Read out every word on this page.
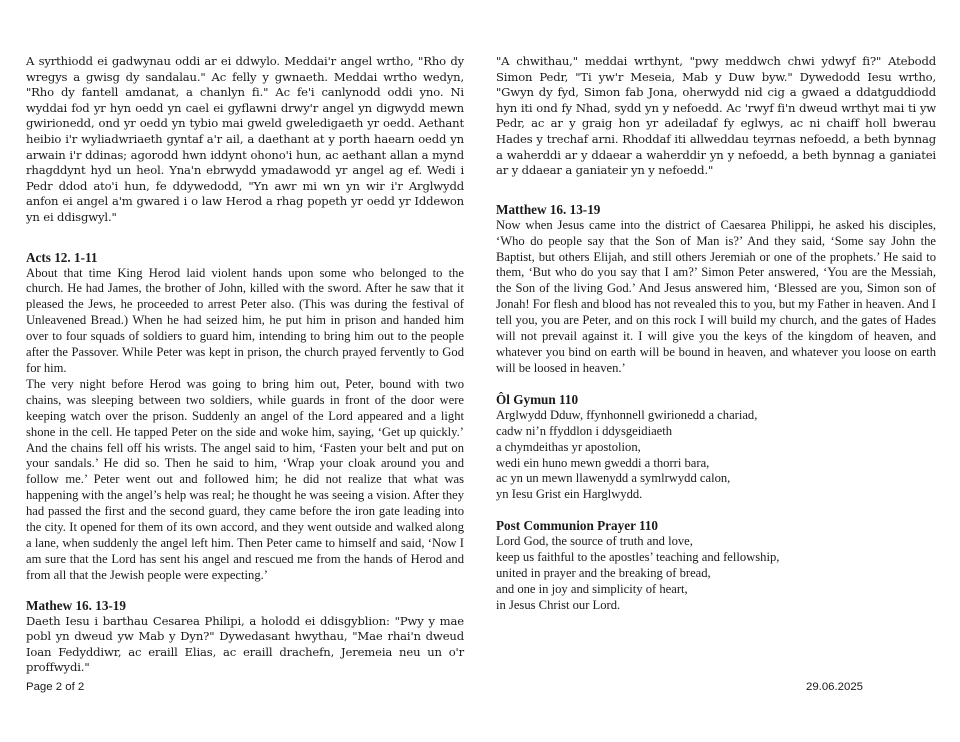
A syrthiodd ei gadwynau oddi ar ei ddwylo. Meddai'r angel wrtho, "Rho dy wregys a gwisg dy sandalau." Ac felly y gwnaeth. Meddai wrtho wedyn, "Rho dy fantell amdanat, a chanlyn fi." Ac fe'i canlynodd oddi yno. Ni wyddai fod yr hyn oedd yn cael ei gyflawni drwy'r angel yn digwydd mewn gwirionedd, ond yr oedd yn tybio mai gweld gweledigaeth yr oedd. Aethant heibio i'r wyliadwriaeth gyntaf a'r ail, a daethant at y porth haearn oedd yn arwain i'r ddinas; agorodd hwn iddynt ohono'i hun, ac aethant allan a mynd rhagddynt hyd un heol. Yna'n ebrwydd ymadawodd yr angel ag ef. Wedi i Pedr ddod ato'i hun, fe ddywedodd, "Yn awr mi wn yn wir i'r Arglwydd anfon ei angel a'm gwared i o law Herod a rhag popeth yr oedd yr Iddewon yn ei ddisgwyl."

Acts 12. 1-11

About that time King Herod laid violent hands upon some who belonged to the church. He had James, the brother of John, killed with the sword. After he saw that it pleased the Jews, he proceeded to arrest Peter also. (This was during the festival of Unleavened Bread.) When he had seized him, he put him in prison and handed him over to four squads of soldiers to guard him, intending to bring him out to the people after the Passover. While Peter was kept in prison, the church prayed fervently to God for him.

The very night before Herod was going to bring him out, Peter, bound with two chains, was sleeping between two soldiers, while guards in front of the door were keeping watch over the prison. Suddenly an angel of the Lord appeared and a light shone in the cell. He tapped Peter on the side and woke him, saying, ‘Get up quickly.’ And the chains fell off his wrists. The angel said to him, ‘Fasten your belt and put on your sandals.’ He did so. Then he said to him, ‘Wrap your cloak around you and follow me.’ Peter went out and followed him; he did not realize that what was happening with the angel’s help was real; he thought he was seeing a vision. After they had passed the first and the second guard, they came before the iron gate leading into the city. It opened for them of its own accord, and they went outside and walked along a lane, when suddenly the angel left him. Then Peter came to himself and said, ‘Now I am sure that the Lord has sent his angel and rescued me from the hands of Herod and from all that the Jewish people were expecting.’

Mathew 16. 13-19

Daeth Iesu i barthau Cesarea Philipi, a holodd ei ddisgyblion: "Pwy y mae pobl yn dweud yw Mab y Dyn?" Dywedasant hwythau, "Mae rhai'n dweud Ioan Fedyddiwr, ac eraill Elias, ac eraill drachefn, Jeremeia neu un o'r proffwydi."

"A chwithau," meddai wrthynt, "pwy meddwch chwi ydwyf fi?" Atebodd Simon Pedr, "Ti yw'r Meseia, Mab y Duw byw." Dywedodd Iesu wrtho, "Gwyn dy fyd, Simon fab Jona, oherwydd nid cig a gwaed a ddatguddiodd hyn iti ond fy Nhad, sydd yn y nefoedd. Ac 'rwyf fi'n dweud wrthyt mai ti yw Pedr, ac ar y graig hon yr adeiladaf fy eglwys, ac ni chaiff holl bwerau Hades y trechaf arni. Rhoddaf iti allweddau teyrnas nefoedd, a beth bynnag a waherddi ar y ddaear a waherddir yn y nefoedd, a beth bynnag a ganiatei ar y ddaear a ganiateir yn y nefoedd."

Matthew 16. 13-19

Now when Jesus came into the district of Caesarea Philippi, he asked his disciples, ‘Who do people say that the Son of Man is?’ And they said, ‘Some say John the Baptist, but others Elijah, and still others Jeremiah or one of the prophets.’ He said to them, ‘But who do you say that I am?’ Simon Peter answered, ‘You are the Messiah, the Son of the living God.’ And Jesus answered him, ‘Blessed are you, Simon son of Jonah! For flesh and blood has not revealed this to you, but my Father in heaven. And I tell you, you are Peter, and on this rock I will build my church, and the gates of Hades will not prevail against it. I will give you the keys of the kingdom of heaven, and whatever you bind on earth will be bound in heaven, and whatever you loose on earth will be loosed in heaven.’

Ôl Gymun 110

Arglwydd Dduw, ffynhonnell gwirionedd a chariad,
cadw ni’n ffyddlon i ddysgeidiaeth
a chymdeithas yr apostolion,
wedi ein huno mewn gweddi a thorri bara,
ac yn un mewn llawenydd a symlrwydd calon,
yn Iesu Grist ein Harglwydd.

Post Communion Prayer 110

Lord God, the source of truth and love,
keep us faithful to the apostles’ teaching and fellowship,
united in prayer and the breaking of bread,
and one in joy and simplicity of heart,
in Jesus Christ our Lord.
Page 2 of 2	29.06.2025
